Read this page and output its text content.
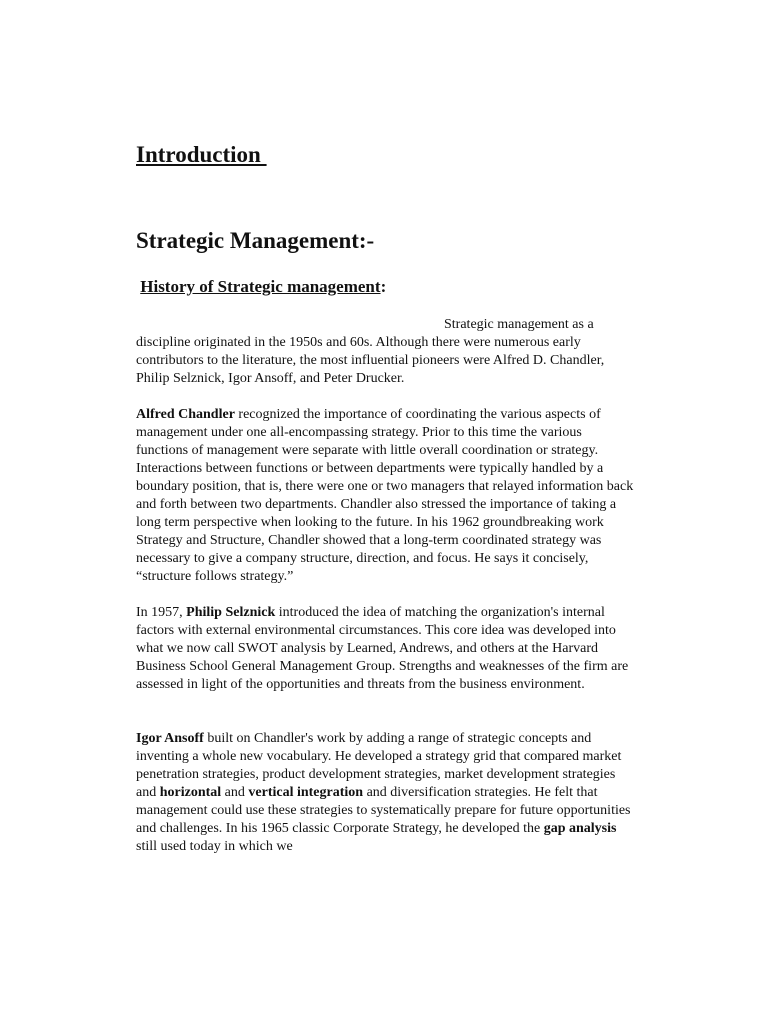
Introduction
Strategic Management:-
History of Strategic management:

Strategic management as a discipline originated in the 1950s and 60s. Although there were numerous early contributors to the literature, the most influential pioneers were Alfred D. Chandler, Philip Selznick, Igor Ansoff, and Peter Drucker.

Alfred Chandler recognized the importance of coordinating the various aspects of management under one all-encompassing strategy. Prior to this time the various functions of management were separate with little overall coordination or strategy. Interactions between functions or between departments were typically handled by a boundary position, that is, there were one or two managers that relayed information back and forth between two departments. Chandler also stressed the importance of taking a long term perspective when looking to the future. In his 1962 groundbreaking work Strategy and Structure, Chandler showed that a long-term coordinated strategy was necessary to give a company structure, direction, and focus. He says it concisely, “structure follows strategy.”

In 1957, Philip Selznick introduced the idea of matching the organization's internal factors with external environmental circumstances. This core idea was developed into what we now call SWOT analysis by Learned, Andrews, and others at the Harvard Business School General Management Group. Strengths and weaknesses of the firm are assessed in light of the opportunities and threats from the business environment.

Igor Ansoff built on Chandler's work by adding a range of strategic concepts and inventing a whole new vocabulary. He developed a strategy grid that compared market penetration strategies, product development strategies, market development strategies and horizontal and vertical integration and diversification strategies. He felt that management could use these strategies to systematically prepare for future opportunities and challenges. In his 1965 classic Corporate Strategy, he developed the gap analysis still used today in which we
